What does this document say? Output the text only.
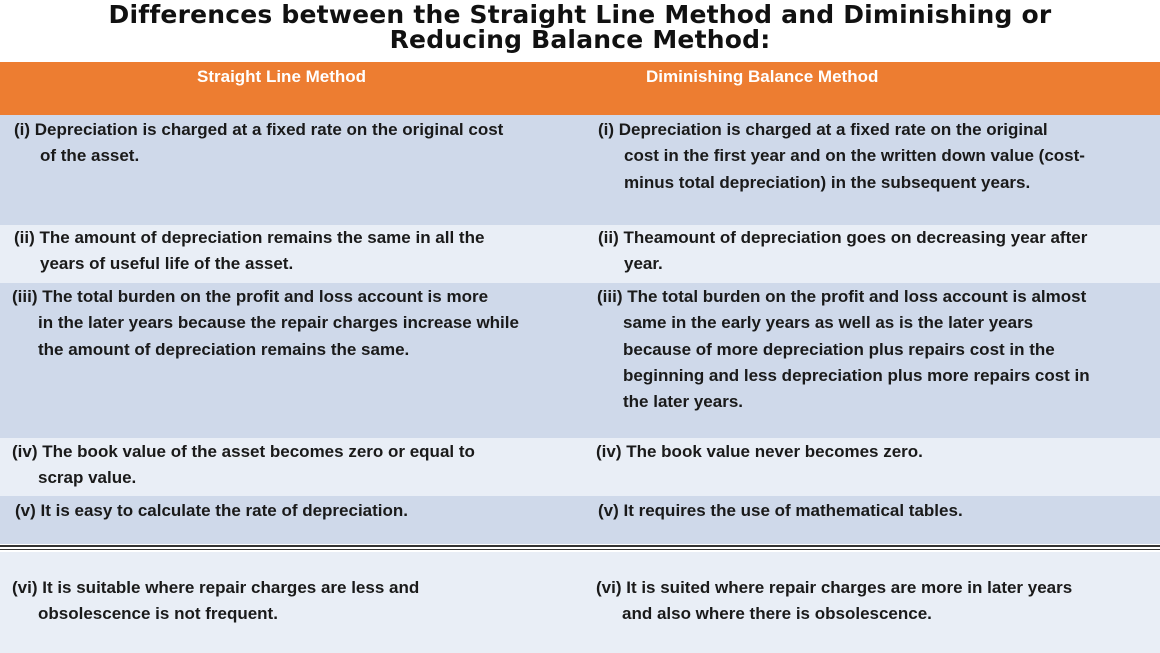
Differences between the Straight Line Method and Diminishing or
Reducing Balance Method:
Straight Line Method	Diminishing Balance Method
(i) Depreciation is charged at a fixed rate on the original cost
of the asset.
(i) Depreciation is charged at a fixed rate on the original
cost in the first year and on the written down value (cost-
minus total depreciation) in the subsequent years.
(ii) The amount of depreciation remains the same in all the
years of useful life of the asset.
(ii) Theamount of depreciation goes on decreasing year after
year.
(iii) The total burden on the profit and loss account is more
in the later years because the repair charges increase while
the amount of depreciation remains the same.
(iii) The total burden on the profit and loss account is almost
same in the early years as well as is the later years
because of more depreciation plus repairs cost in the
beginning and less depreciation plus more repairs cost in
the later years.
(iv) The book value of the asset becomes zero or equal to
scrap value.
(iv) The book value never becomes zero.
(v) It is easy to calculate the rate of depreciation.	(v) It requires the use of mathematical tables.
(vi) It is suitable where repair charges are less and
obsolescence is not frequent.
(vi) It is suited where repair charges are more in later years
and also where there is obsolescence.
